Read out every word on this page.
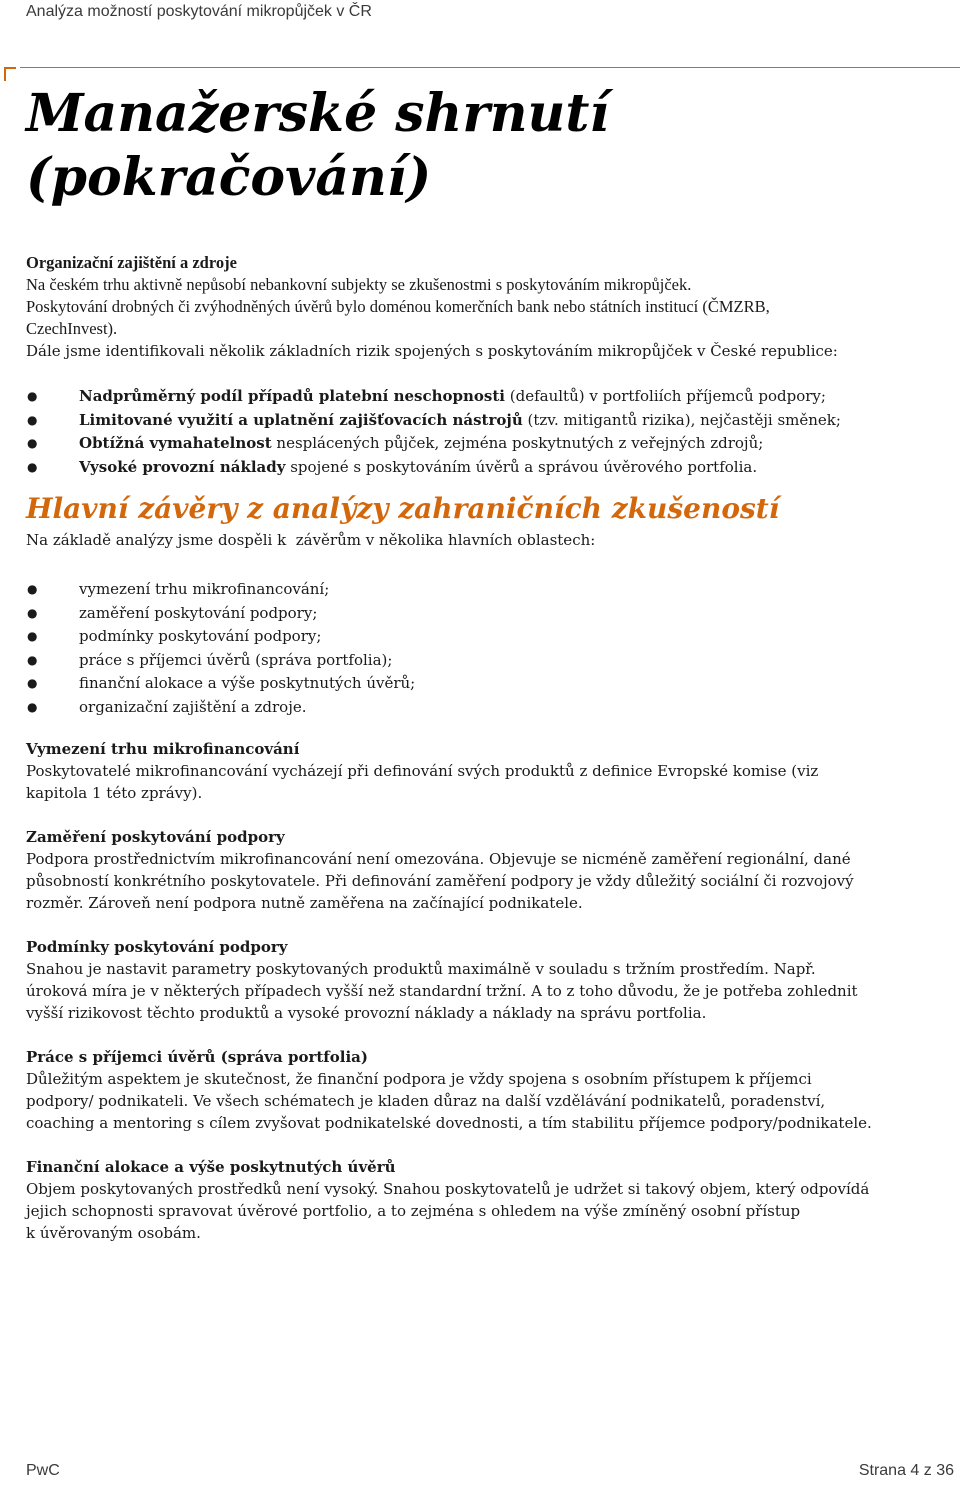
Analýza možností poskytování mikropůjček v ČR
Manažerské shrnutí
(pokračování)
Organizační zajištění a zdroje
Na českém trhu aktivně nepůsobí nebankovní subjekty se zkušenostmi s poskytováním mikropůjček.
Poskytování drobných či zvýhodněných úvěrů bylo doménou komerčních bank nebo státních institucí (ČMZRB,
CzechInvest).

Dále jsme identifikovali několik základních rizik spojených s poskytováním mikropůjček v České republice:

●	Nadprůměrný podíl případů platební neschopnosti (defaultů) v portfoliích příjemců podpory;
●	Limitované využití a uplatnění zajišťovacích nástrojů (tzv. mitigantů rizika), nejčastěji směnek;
●	Obtížná vymahatelnost nesplácených půjček, zejména poskytnutých z veřejných zdrojů;
●	Vysoké provozní náklady spojené s poskytováním úvěrů a správou úvěrového portfolia.
Hlavní závěry z analýzy zahraničních zkušeností

Na základě analýzy jsme dospěli k  závěrům v několika hlavních oblastech:

●	vymezení trhu mikrofinancování;
●	zaměření poskytování podpory;
●	podmínky poskytování podpory;
●	práce s příjemci úvěrů (správa portfolia);
●	finanční alokace a výše poskytnutých úvěrů;
●	organizační zajištění a zdroje.
Vymezení trhu mikrofinancování
Poskytovatelé mikrofinancování vycházejí při definování svých produktů z definice Evropské komise (viz
kapitola 1 této zprávy).
Zaměření poskytování podpory
Podpora prostřednictvím mikrofinancování není omezována. Objevuje se nicméně zaměření regionální, dané
působností konkrétního poskytovatele. Při definování zaměření podpory je vždy důležitý sociální či rozvojový
rozměr. Zároveň není podpora nutně zaměřena na začínající podnikatele.
Podmínky poskytování podpory
Snahou je nastavit parametry poskytovaných produktů maximálně v souladu s tržním prostředím. Např.
úroková míra je v některých případech vyšší než standardní tržní. A to z toho důvodu, že je potřeba zohlednit
vyšší rizikovost těchto produktů a vysoké provozní náklady a náklady na správu portfolia.
Práce s příjemci úvěrů (správa portfolia)
Důležitým aspektem je skutečnost, že finanční podpora je vždy spojena s osobním přístupem k příjemci
podpory/ podnikateli. Ve všech schématech je kladen důraz na další vzdělávání podnikatelů, poradenství,
coaching a mentoring s cílem zvyšovat podnikatelské dovednosti, a tím stabilitu příjemce podpory/podnikatele.
Finanční alokace a výše poskytnutých úvěrů
Objem poskytovaných prostředků není vysoký. Snahou poskytovatelů je udržet si takový objem, který odpovídá
jejich schopnosti spravovat úvěrové portfolio, a to zejména s ohledem na výše zmíněný osobní přístup
k úvěrovaným osobám.
PwC	Strana 4 z 36
